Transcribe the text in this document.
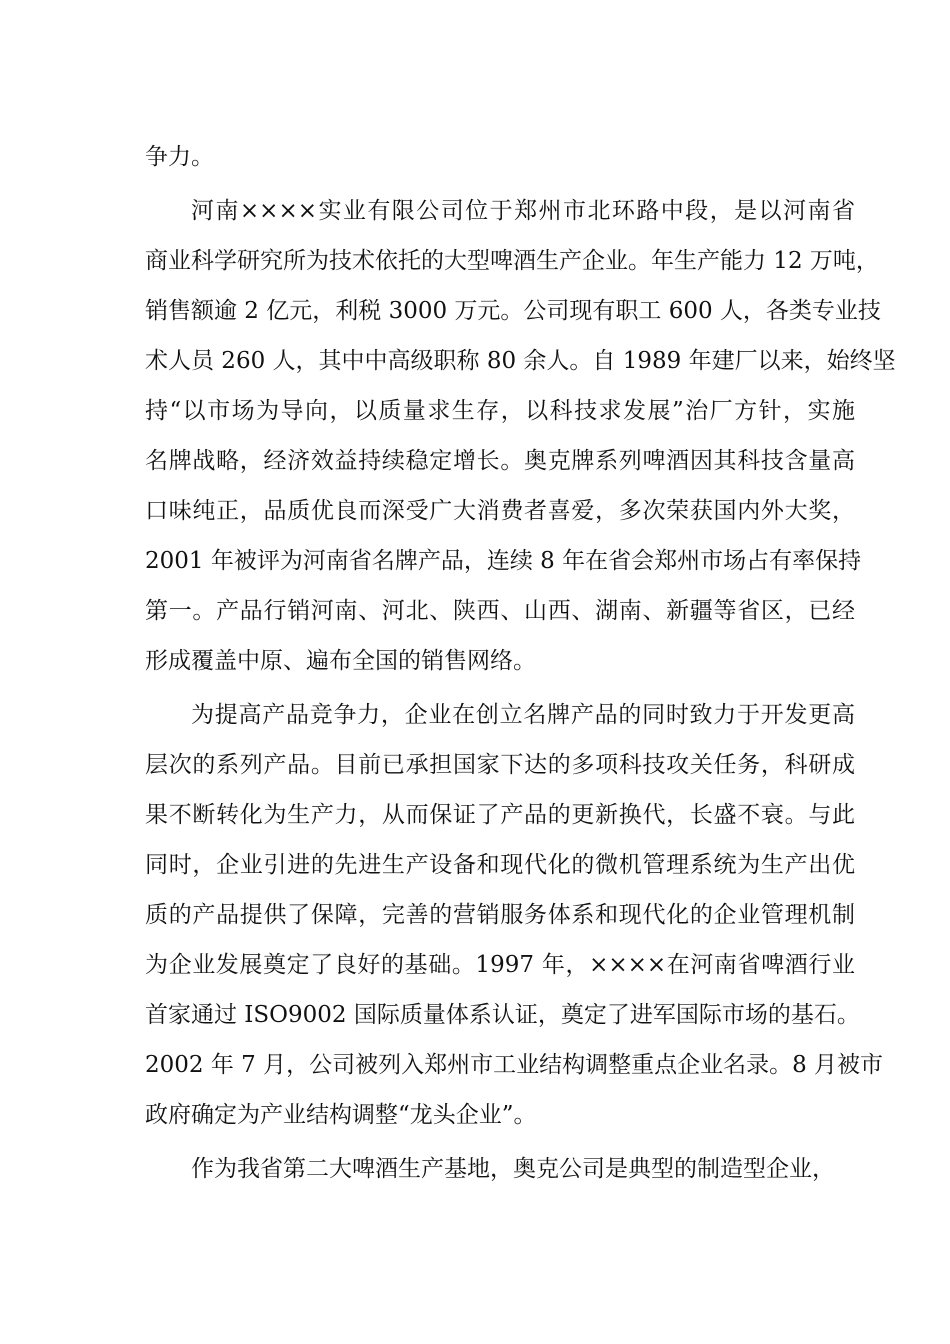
争力。
河南××××实业有限公司位于郑州市北环路中段，是以河南省
商业科学研究所为技术依托的大型啤酒生产企业。年生产能力 12 万吨，
销售额逾 2 亿元，利税 3000 万元。公司现有职工 600 人，各类专业技
术人员 260 人，其中中高级职称 80 余人。自 1989 年建厂以来，始终坚
持“以市场为导向，以质量求生存，以科技求发展”治厂方针，实施
名牌战略，经济效益持续稳定增长。奥克牌系列啤酒因其科技含量高
口味纯正，品质优良而深受广大消费者喜爱，多次荣获国内外大奖，
2001 年被评为河南省名牌产品，连续 8 年在省会郑州市场占有率保持
第一。产品行销河南、河北、陕西、山西、湖南、新疆等省区，已经
形成覆盖中原、遍布全国的销售网络。
为提高产品竞争力，企业在创立名牌产品的同时致力于开发更高
层次的系列产品。目前已承担国家下达的多项科技攻关任务，科研成
果不断转化为生产力，从而保证了产品的更新换代，长盛不衰。与此
同时，企业引进的先进生产设备和现代化的微机管理系统为生产出优
质的产品提供了保障，完善的营销服务体系和现代化的企业管理机制
为企业发展奠定了良好的基础。1997 年，××××在河南省啤酒行业
首家通过 ISO9002 国际质量体系认证，奠定了进军国际市场的基石。
2002 年 7 月，公司被列入郑州市工业结构调整重点企业名录。8 月被市
政府确定为产业结构调整“龙头企业”。
作为我省第二大啤酒生产基地，奥克公司是典型的制造型企业，
